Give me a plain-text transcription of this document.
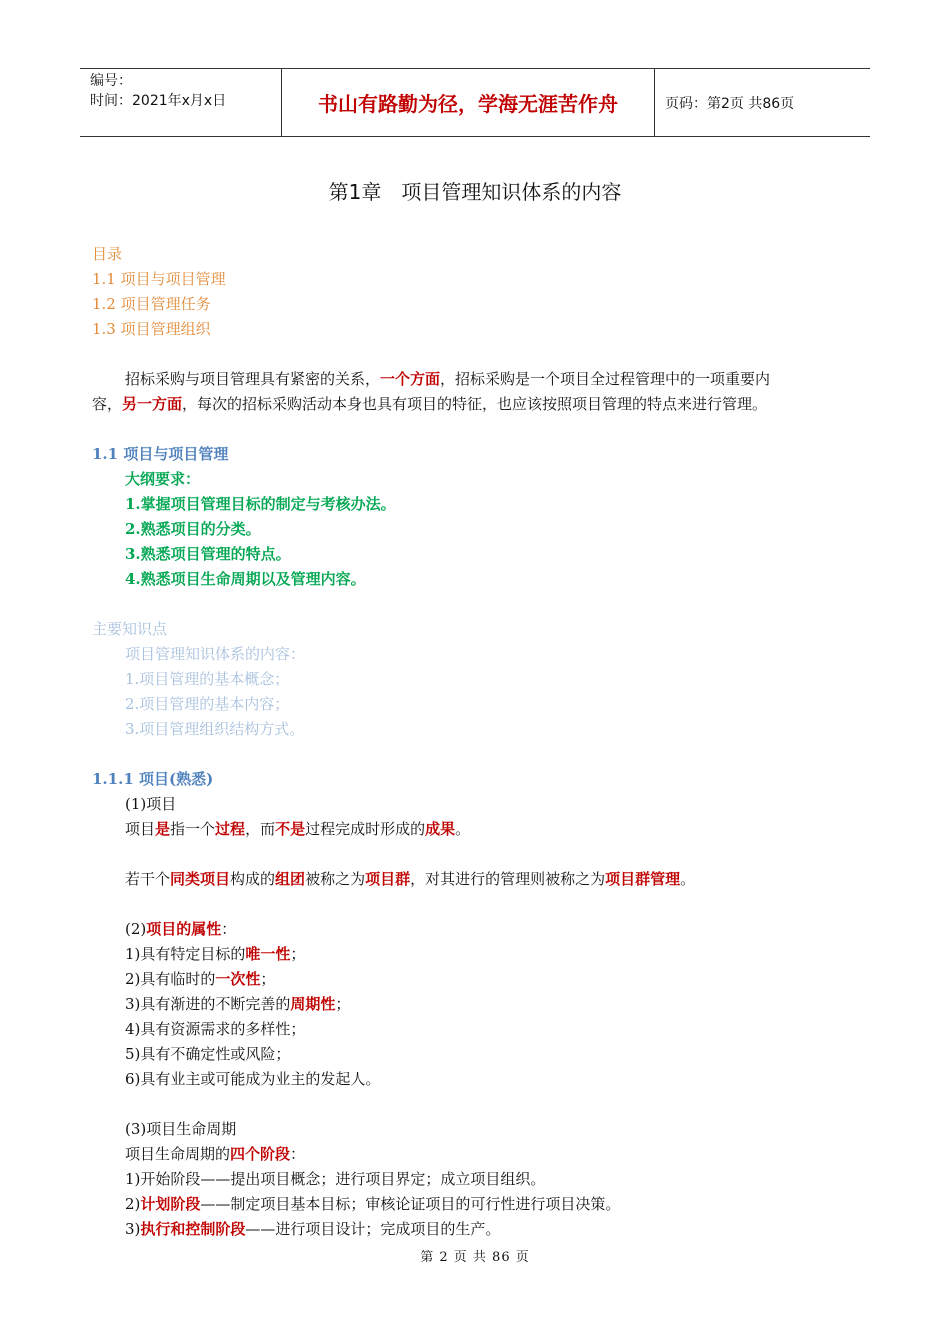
编号：
时间：2021年x月x日	书山有路勤为径，学海无涯苦作舟	页码：第2页 共86页
第1章　项目管理知识体系的内容
目录
1.1 项目与项目管理
1.2 项目管理任务
1.3 项目管理组织
招标采购与项目管理具有紧密的关系，一个方面，招标采购是一个项目全过程管理中的一项重要内
容，另一方面，每次的招标采购活动本身也具有项目的特征，也应该按照项目管理的特点来进行管理。
1.1 项目与项目管理
大纲要求：
1.掌握项目管理目标的制定与考核办法。
2.熟悉项目的分类。
3.熟悉项目管理的特点。
4.熟悉项目生命周期以及管理内容。
主要知识点
项目管理知识体系的内容：
1.项目管理的基本概念；
2.项目管理的基本内容；
3.项目管理组织结构方式。
1.1.1 项目(熟悉)
(1)项目
项目是指一个过程，而不是过程完成时形成的成果。
若干个同类项目构成的组团被称之为项目群，对其进行的管理则被称之为项目群管理。
(2)项目的属性：
1)具有特定目标的唯一性；
2)具有临时的一次性；
3)具有渐进的不断完善的周期性；
4)具有资源需求的多样性；
5)具有不确定性或风险；
6)具有业主或可能成为业主的发起人。
(3)项目生命周期
项目生命周期的四个阶段：
1)开始阶段——提出项目概念；进行项目界定；成立项目组织。
2)计划阶段——制定项目基本目标；审核论证项目的可行性进行项目决策。
3)执行和控制阶段——进行项目设计；完成项目的生产。
第 2 页 共 86 页
